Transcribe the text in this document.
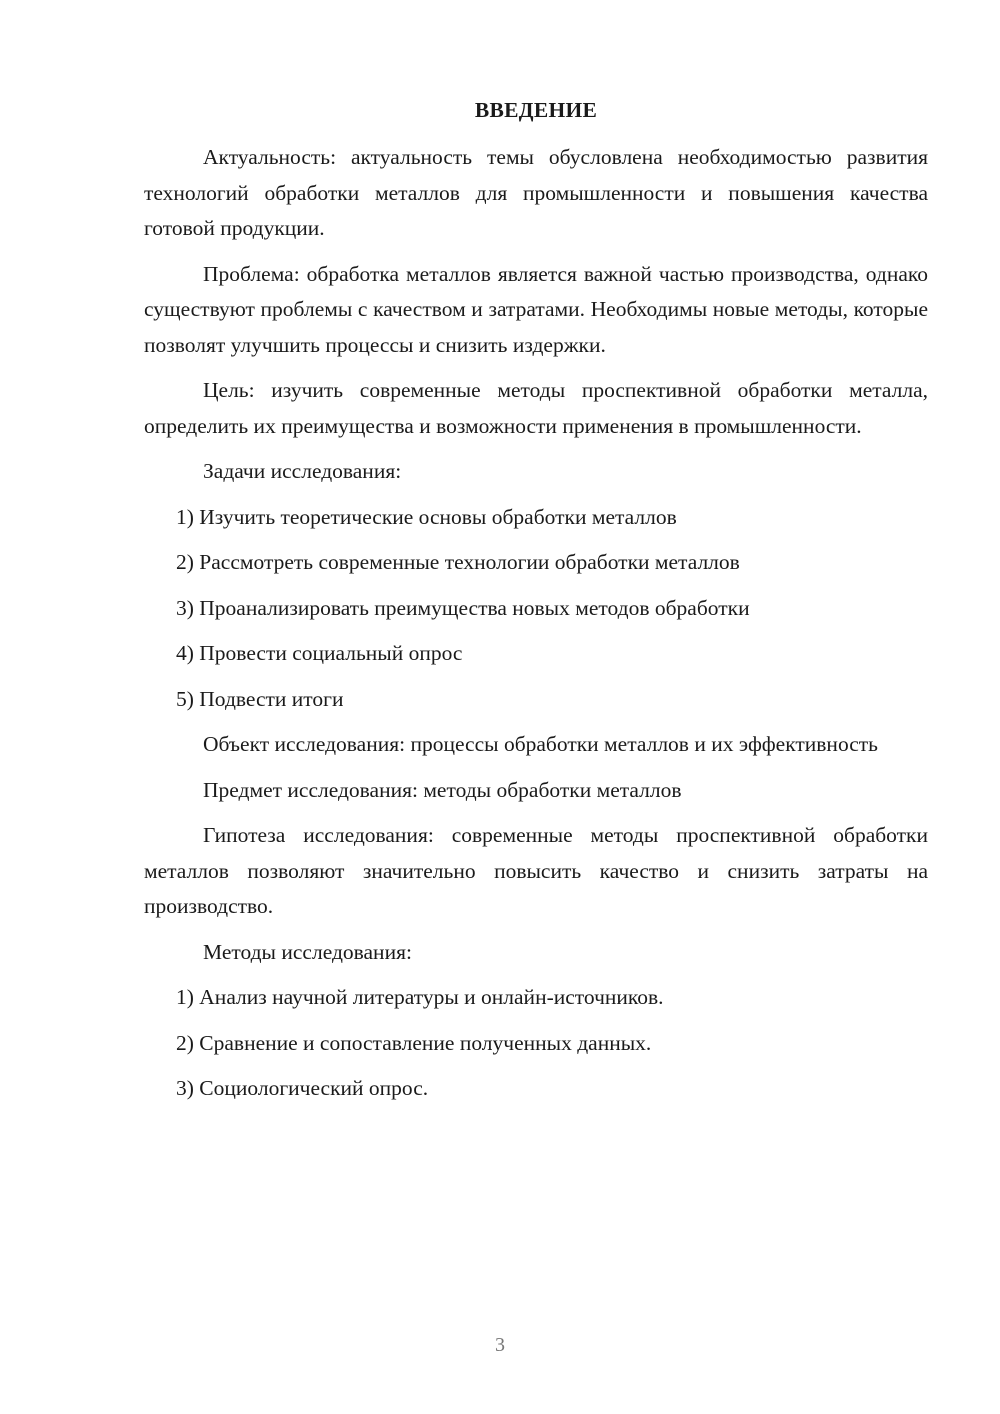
ВВЕДЕНИЕ

Актуальность: актуальность темы обусловлена необходимостью развития технологий обработки металлов для промышленности и повышения качества готовой продукции.

Проблема: обработка металлов является важной частью производства, однако существуют проблемы с качеством и затратами. Необходимы новые методы, которые позволят улучшить процессы и снизить издержки.

Цель: изучить современные методы проспективной обработки металла, определить их преимущества и возможности применения в промышленности.

Задачи исследования:

1) Изучить теоретические основы обработки металлов
2) Рассмотреть современные технологии обработки металлов
3) Проанализировать преимущества новых методов обработки
4) Провести социальный опрос
5) Подвести итоги

Объект исследования: процессы обработки металлов и их эффективность

Предмет исследования: методы обработки металлов

Гипотеза исследования: современные методы проспективной обработки металлов позволяют значительно повысить качество и снизить затраты на производство.

Методы исследования:

1) Анализ научной литературы и онлайн-источников.
2) Сравнение и сопоставление полученных данных.
3) Социологический опрос.
3
